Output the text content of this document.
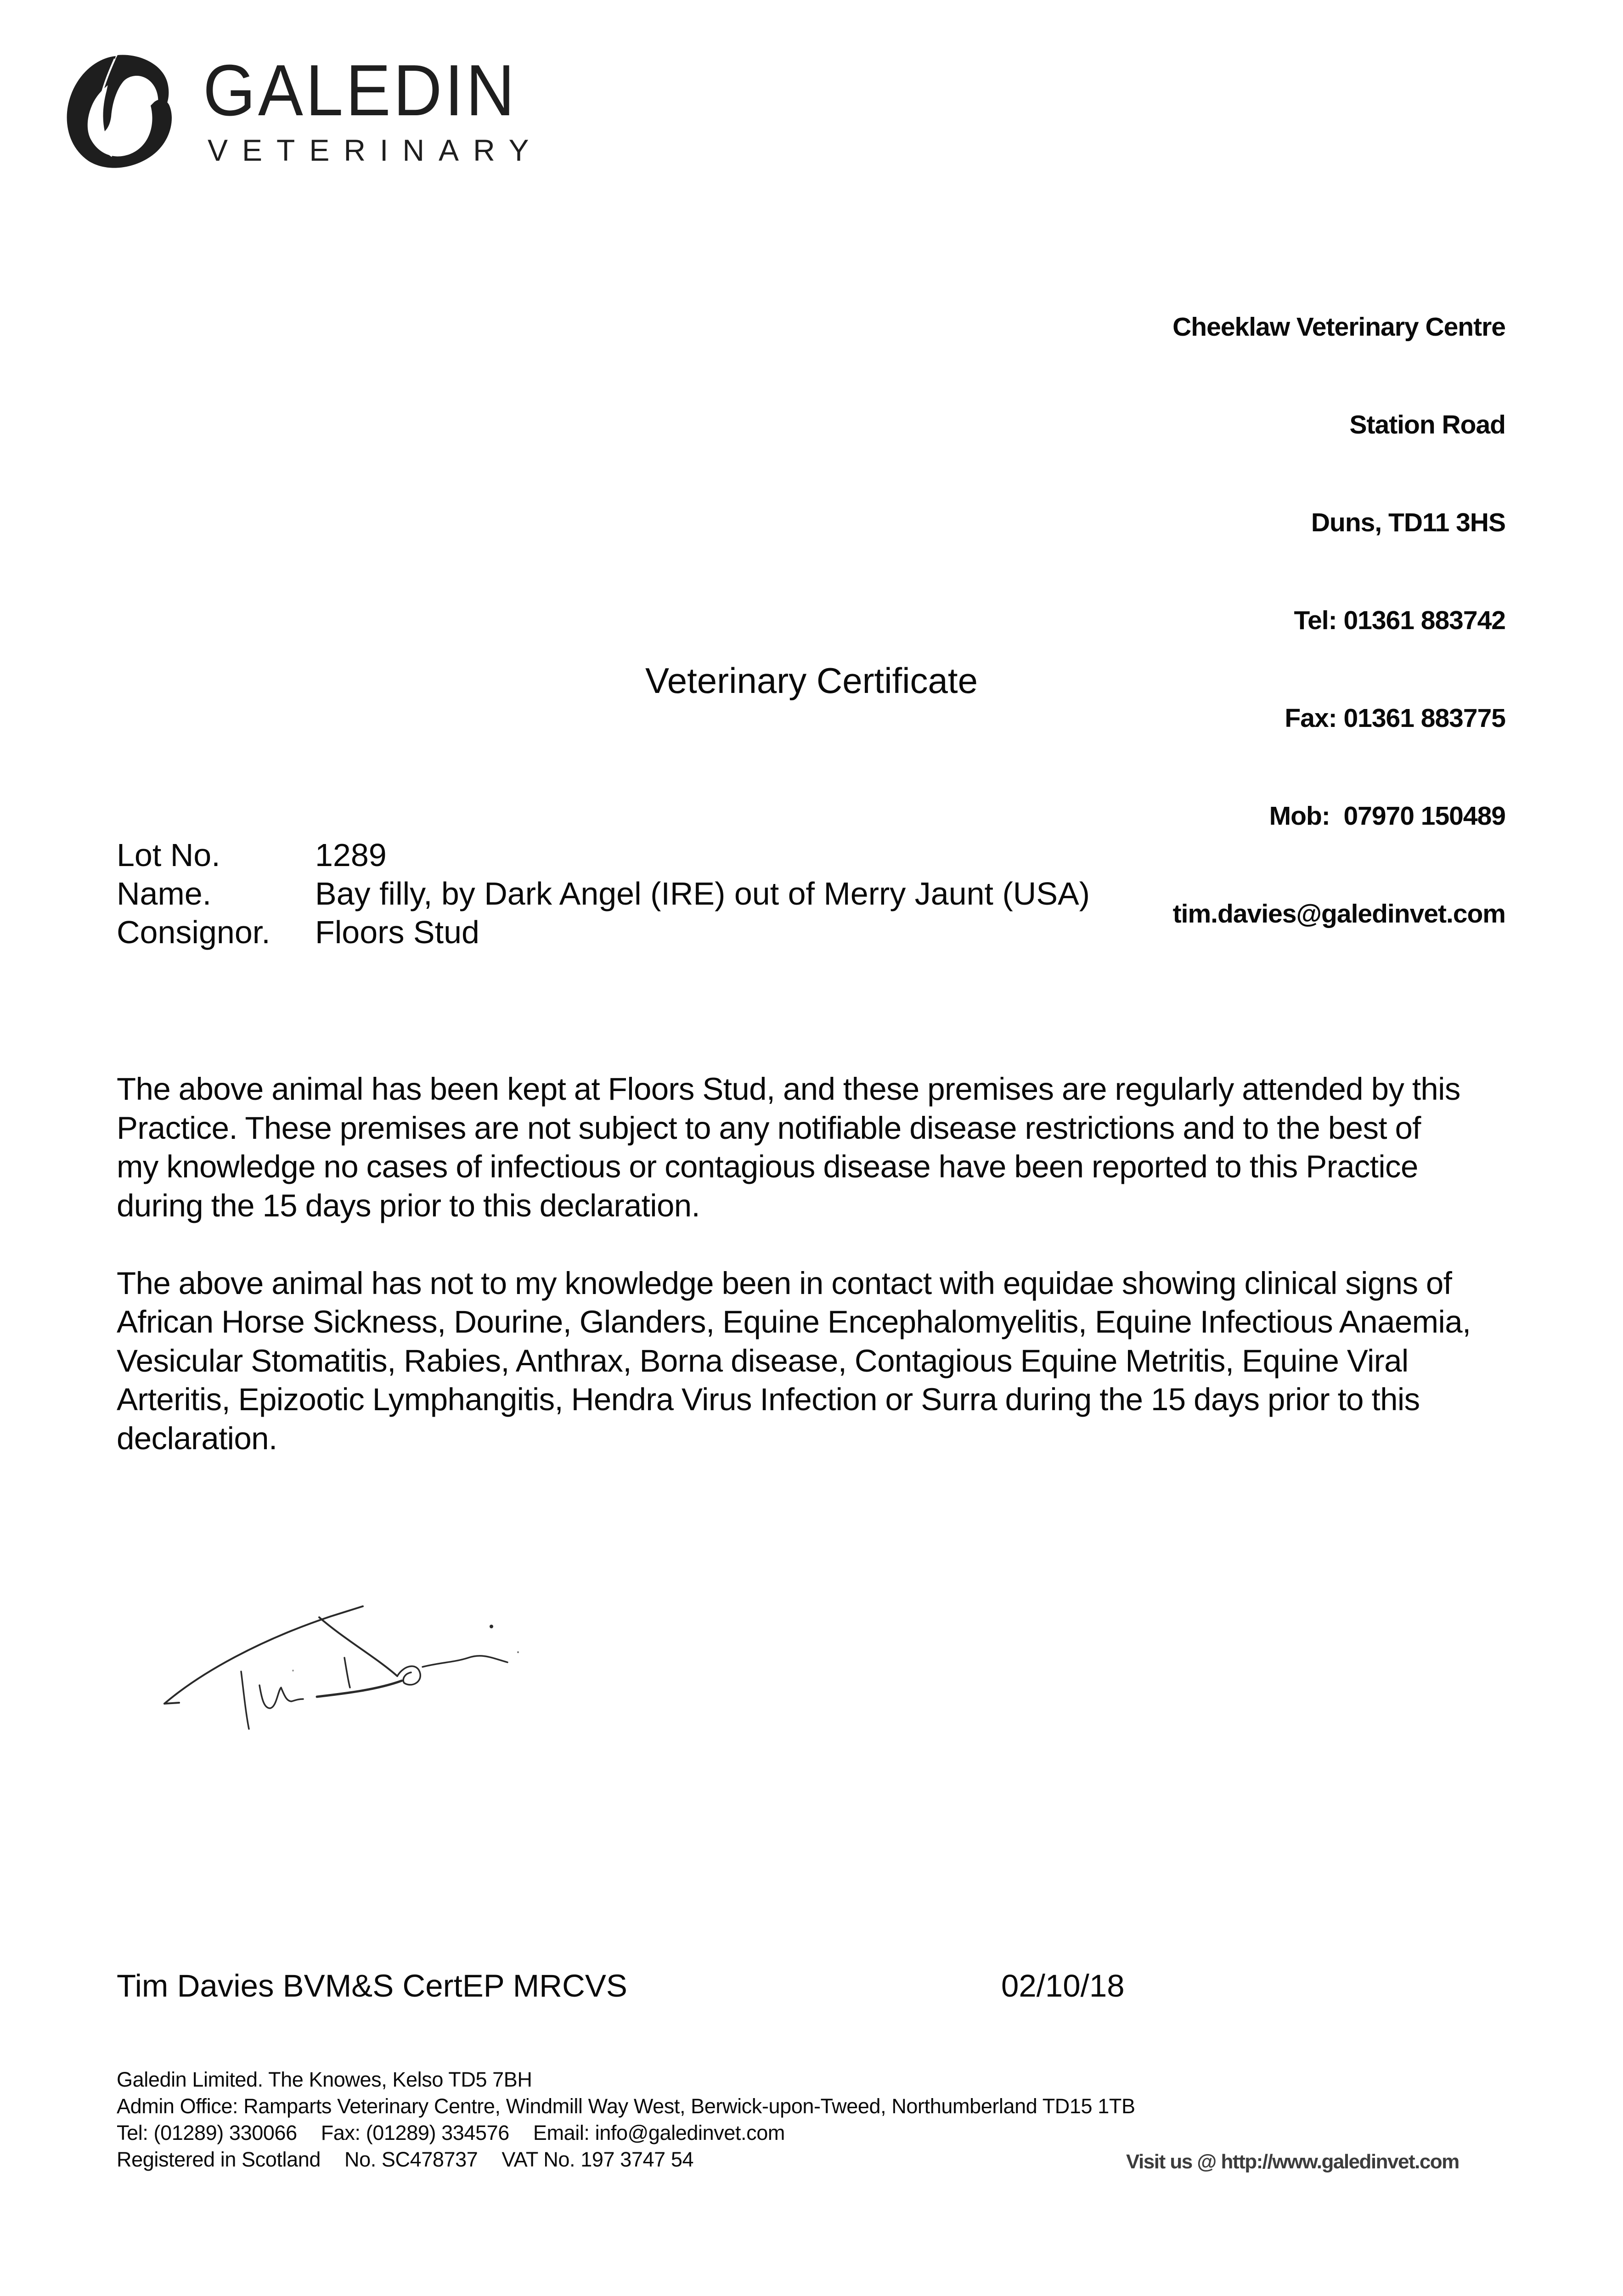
GALEDIN
VETERINARY

Cheeklaw Veterinary Centre

Station Road

Duns, TD11 3HS

Tel: 01361 883742

Fax: 01361 883775

Mob:  07970 150489

tim.davies@galedinvet.com

Veterinary Certificate
Lot No.	1289
Name.	Bay filly, by Dark Angel (IRE) out of Merry Jaunt (USA)
Consignor.	Floors Stud

The above animal has been kept at Floors Stud, and these premises are regularly attended by this
Practice. These premises are not subject to any notifiable disease restrictions and to the best of
my knowledge no cases of infectious or contagious disease have been reported to this Practice
during the 15 days prior to this declaration.

The above animal has not to my knowledge been in contact with equidae showing clinical signs of
African Horse Sickness, Dourine, Glanders, Equine Encephalomyelitis, Equine Infectious Anaemia,
Vesicular Stomatitis, Rabies, Anthrax, Borna disease, Contagious Equine Metritis, Equine Viral
Arteritis, Epizootic Lymphangitis, Hendra Virus Infection or Surra during the 15 days prior to this
declaration.

Tim Davies BVM&S CertEP MRCVS	02/10/18
Galedin Limited. The Knowes, Kelso TD5 7BH
Admin Office: Ramparts Veterinary Centre, Windmill Way West, Berwick-upon-Tweed, Northumberland TD15 1TB
Tel: (01289) 330066 Fax: (01289) 334576 Email: info@galedinvet.com
Registered in Scotland No. SC478737 VAT No. 197 3747 54	Visit us @ http://www.galedinvet.com
